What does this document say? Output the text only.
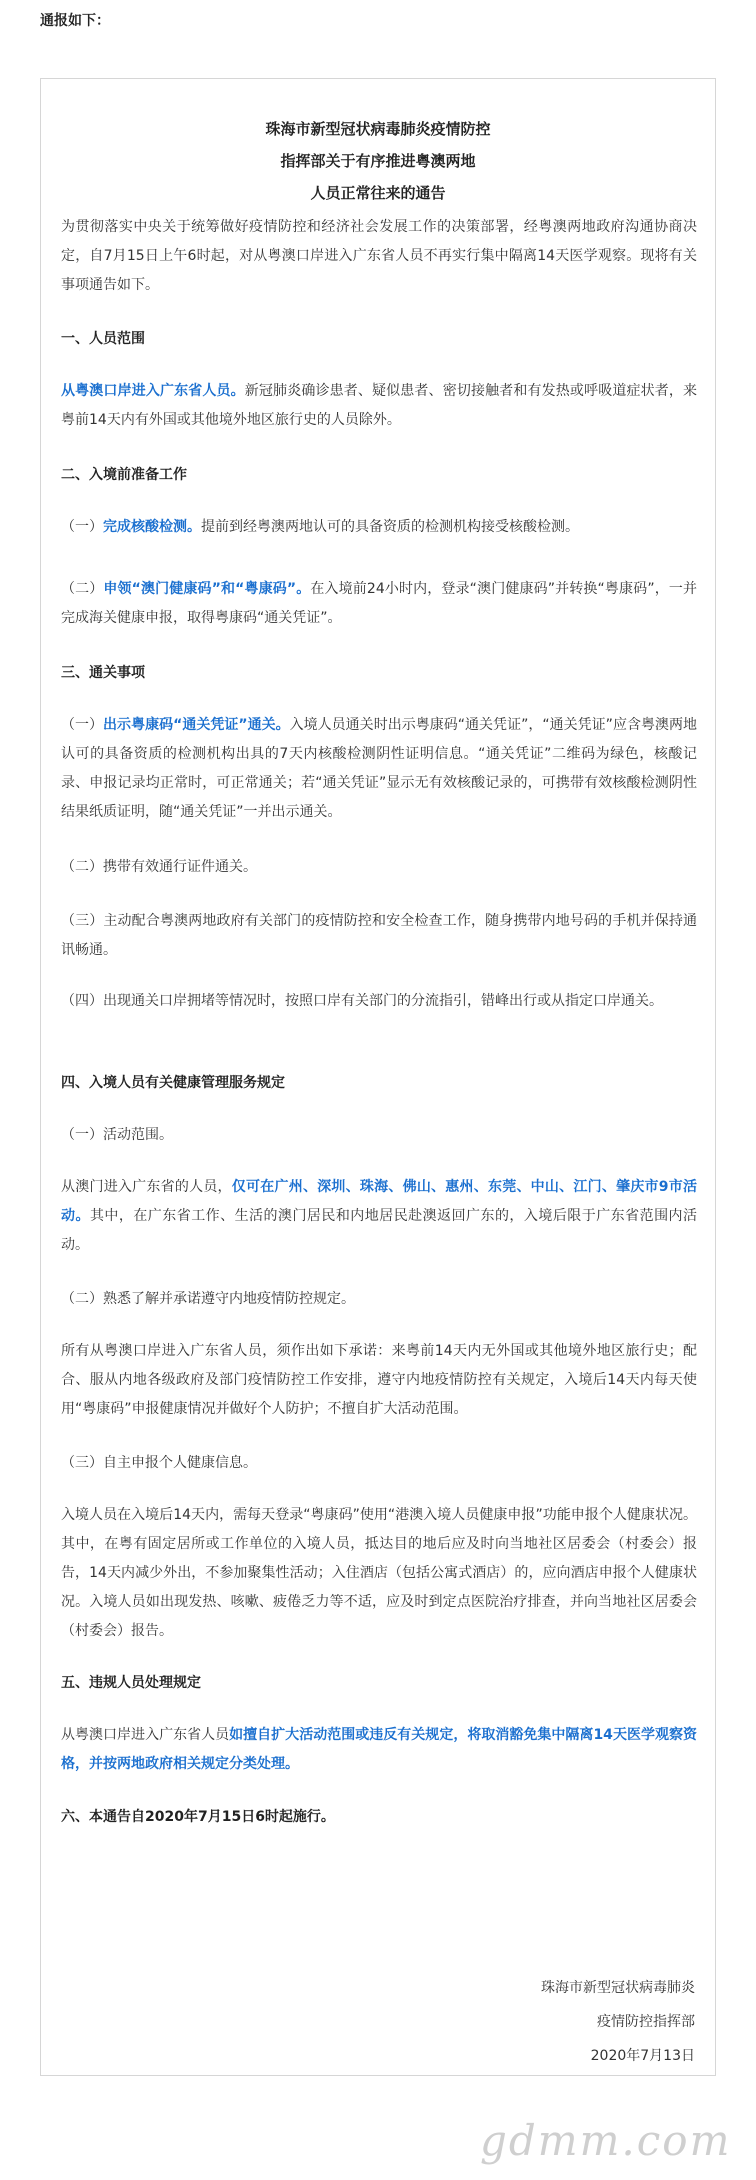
通报如下：
珠海市新型冠状病毒肺炎疫情防控
指挥部关于有序推进粤澳两地
人员正常往来的通告
为贯彻落实中央关于统筹做好疫情防控和经济社会发展工作的决策部署，经粤澳两地政府沟通协商决定，自7月15日上午6时起，对从粤澳口岸进入广东省人员不再实行集中隔离14天医学观察。现将有关事项通告如下。
一、人员范围
从粤澳口岸进入广东省人员。新冠肺炎确诊患者、疑似患者、密切接触者和有发热或呼吸道症状者，来粤前14天内有外国或其他境外地区旅行史的人员除外。
二、入境前准备工作
（一）完成核酸检测。提前到经粤澳两地认可的具备资质的检测机构接受核酸检测。
（二）申领“澳门健康码”和“粤康码”。在入境前24小时内，登录“澳门健康码”并转换“粤康码”，一并完成海关健康申报，取得粤康码“通关凭证”。
三、通关事项
（一）出示粤康码“通关凭证”通关。入境人员通关时出示粤康码“通关凭证”，“通关凭证”应含粤澳两地认可的具备资质的检测机构出具的7天内核酸检测阴性证明信息。“通关凭证”二维码为绿色，核酸记录、申报记录均正常时，可正常通关；若“通关凭证”显示无有效核酸记录的，可携带有效核酸检测阴性结果纸质证明，随“通关凭证”一并出示通关。
（二）携带有效通行证件通关。
（三）主动配合粤澳两地政府有关部门的疫情防控和安全检查工作，随身携带内地号码的手机并保持通讯畅通。
（四）出现通关口岸拥堵等情况时，按照口岸有关部门的分流指引，错峰出行或从指定口岸通关。
四、入境人员有关健康管理服务规定
（一）活动范围。
从澳门进入广东省的人员，仅可在广州、深圳、珠海、佛山、惠州、东莞、中山、江门、肇庆市9市活动。其中，在广东省工作、生活的澳门居民和内地居民赴澳返回广东的，入境后限于广东省范围内活动。
（二）熟悉了解并承诺遵守内地疫情防控规定。
所有从粤澳口岸进入广东省人员，须作出如下承诺：来粤前14天内无外国或其他境外地区旅行史；配合、服从内地各级政府及部门疫情防控工作安排，遵守内地疫情防控有关规定，入境后14天内每天使用“粤康码”申报健康情况并做好个人防护；不擅自扩大活动范围。
（三）自主申报个人健康信息。
入境人员在入境后14天内，需每天登录“粤康码”使用“港澳入境人员健康申报”功能申报个人健康状况。其中，在粤有固定居所或工作单位的入境人员，抵达目的地后应及时向当地社区居委会（村委会）报告，14天内减少外出，不参加聚集性活动；入住酒店（包括公寓式酒店）的，应向酒店申报个人健康状况。入境人员如出现发热、咳嗽、疲倦乏力等不适，应及时到定点医院治疗排查，并向当地社区居委会（村委会）报告。
五、违规人员处理规定
从粤澳口岸进入广东省人员如擅自扩大活动范围或违反有关规定，将取消豁免集中隔离14天医学观察资格，并按两地政府相关规定分类处理。
六、本通告自2020年7月15日6时起施行。
珠海市新型冠状病毒肺炎
疫情防控指挥部
2020年7月13日
gdmm.com
